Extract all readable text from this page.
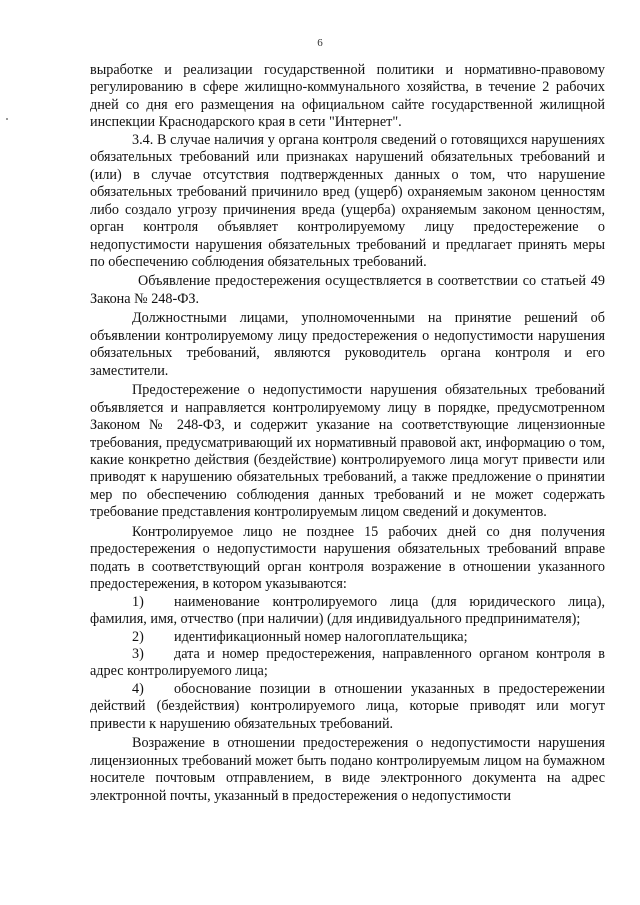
6

выработке и реализации государственной политики и нормативно-правовому регулированию в сфере жилищно-коммунального хозяйства, в течение 2 рабочих дней со дня его размещения на официальном сайте государственной жилищной инспекции Краснодарского края в сети "Интернет".

3.4. В случае наличия у органа контроля сведений о готовящихся нарушениях обязательных требований или признаках нарушений обязательных требований и (или) в случае отсутствия подтвержденных данных о том, что нарушение обязательных требований причинило вред (ущерб) охраняемым законом ценностям либо создало угрозу причинения вреда (ущерба) охраняемым законом ценностям, орган контроля объявляет контролируемому лицу предостережение о недопустимости нарушения обязательных требований и предлагает принять меры по обеспечению соблюдения обязательных требований.

Объявление предостережения осуществляется в соответствии со статьей 49 Закона № 248-ФЗ.

Должностными лицами, уполномоченными на принятие решений об объявлении контролируемому лицу предостережения о недопустимости нарушения обязательных требований, являются руководитель органа контроля и его заместители.

Предостережение о недопустимости нарушения обязательных требований объявляется и направляется контролируемому лицу в порядке, предусмотренном Законом № 248-ФЗ, и содержит указание на соответствующие лицензионные требования, предусматривающий их нормативный правовой акт, информацию о том, какие конкретно действия (бездействие) контролируемого лица могут привести или приводят к нарушению обязательных требований, а также предложение о принятии мер по обеспечению соблюдения данных требований и не может содержать требование представления контролируемым лицом сведений и документов.

Контролируемое лицо не позднее 15 рабочих дней со дня получения предостережения о недопустимости нарушения обязательных требований вправе подать в соответствующий орган контроля возражение в отношении указанного предостережения, в котором указываются:

1) наименование контролируемого лица (для юридического лица), фамилия, имя, отчество (при наличии) (для индивидуального предпринимателя);
2) идентификационный номер налогоплательщика;
3) дата и номер предостережения, направленного органом контроля в адрес контролируемого лица;
4) обоснование позиции в отношении указанных в предостережении действий (бездействия) контролируемого лица, которые приводят или могут привести к нарушению обязательных требований.

Возражение в отношении предостережения о недопустимости нарушения лицензионных требований может быть подано контролируемым лицом на бумажном носителе почтовым отправлением, в виде электронного документа на адрес электронной почты, указанный в предостережения о недопустимости
